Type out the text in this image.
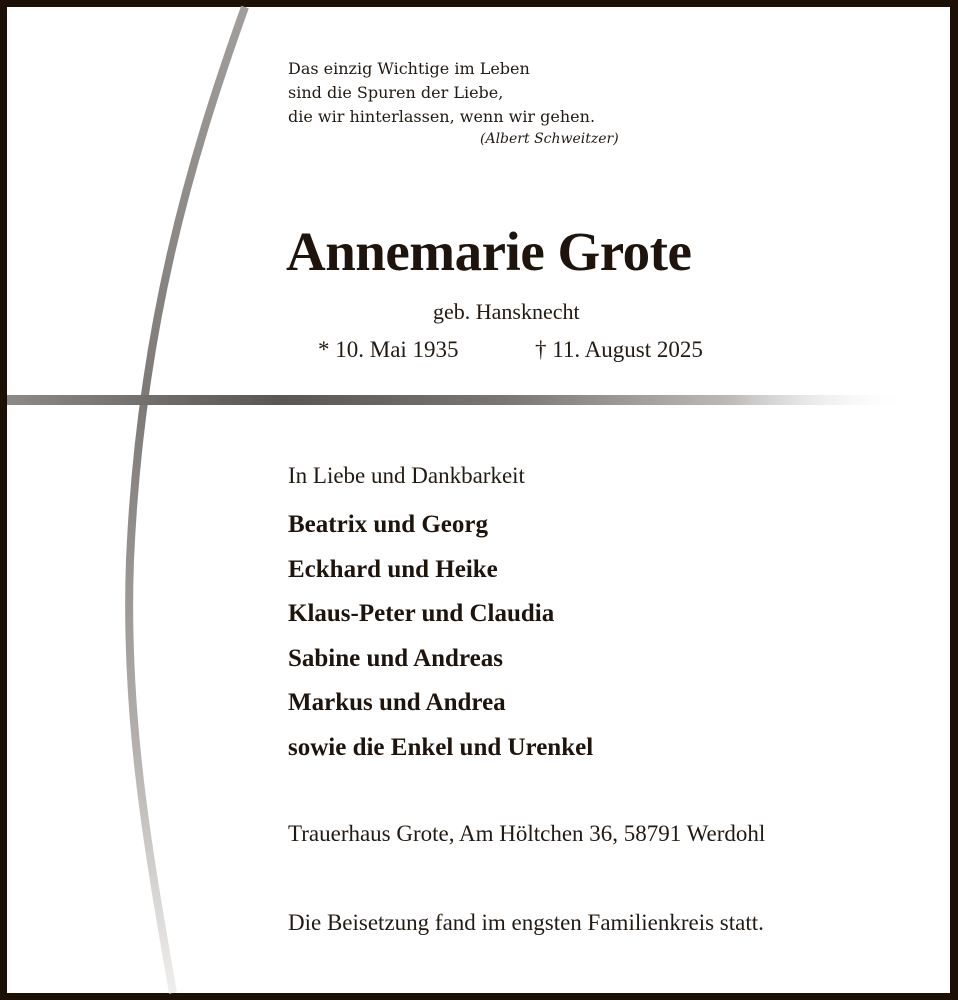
Das einzig Wichtige im Leben

sind die Spuren der Liebe,

die wir hinterlassen, wenn wir gehen.

(Albert Schweitzer)

Annemarie Grote

geb. Hansknecht

* 10. Mai 1935	† 11. August 2025

In Liebe und Dankbarkeit

Beatrix und Georg

Eckhard und Heike

Klaus-Peter und Claudia

Sabine und Andreas

Markus und Andrea

sowie die Enkel und Urenkel

Trauerhaus Grote, Am Höltchen 36, 58791 Werdohl

Die Beisetzung fand im engsten Familienkreis statt.
